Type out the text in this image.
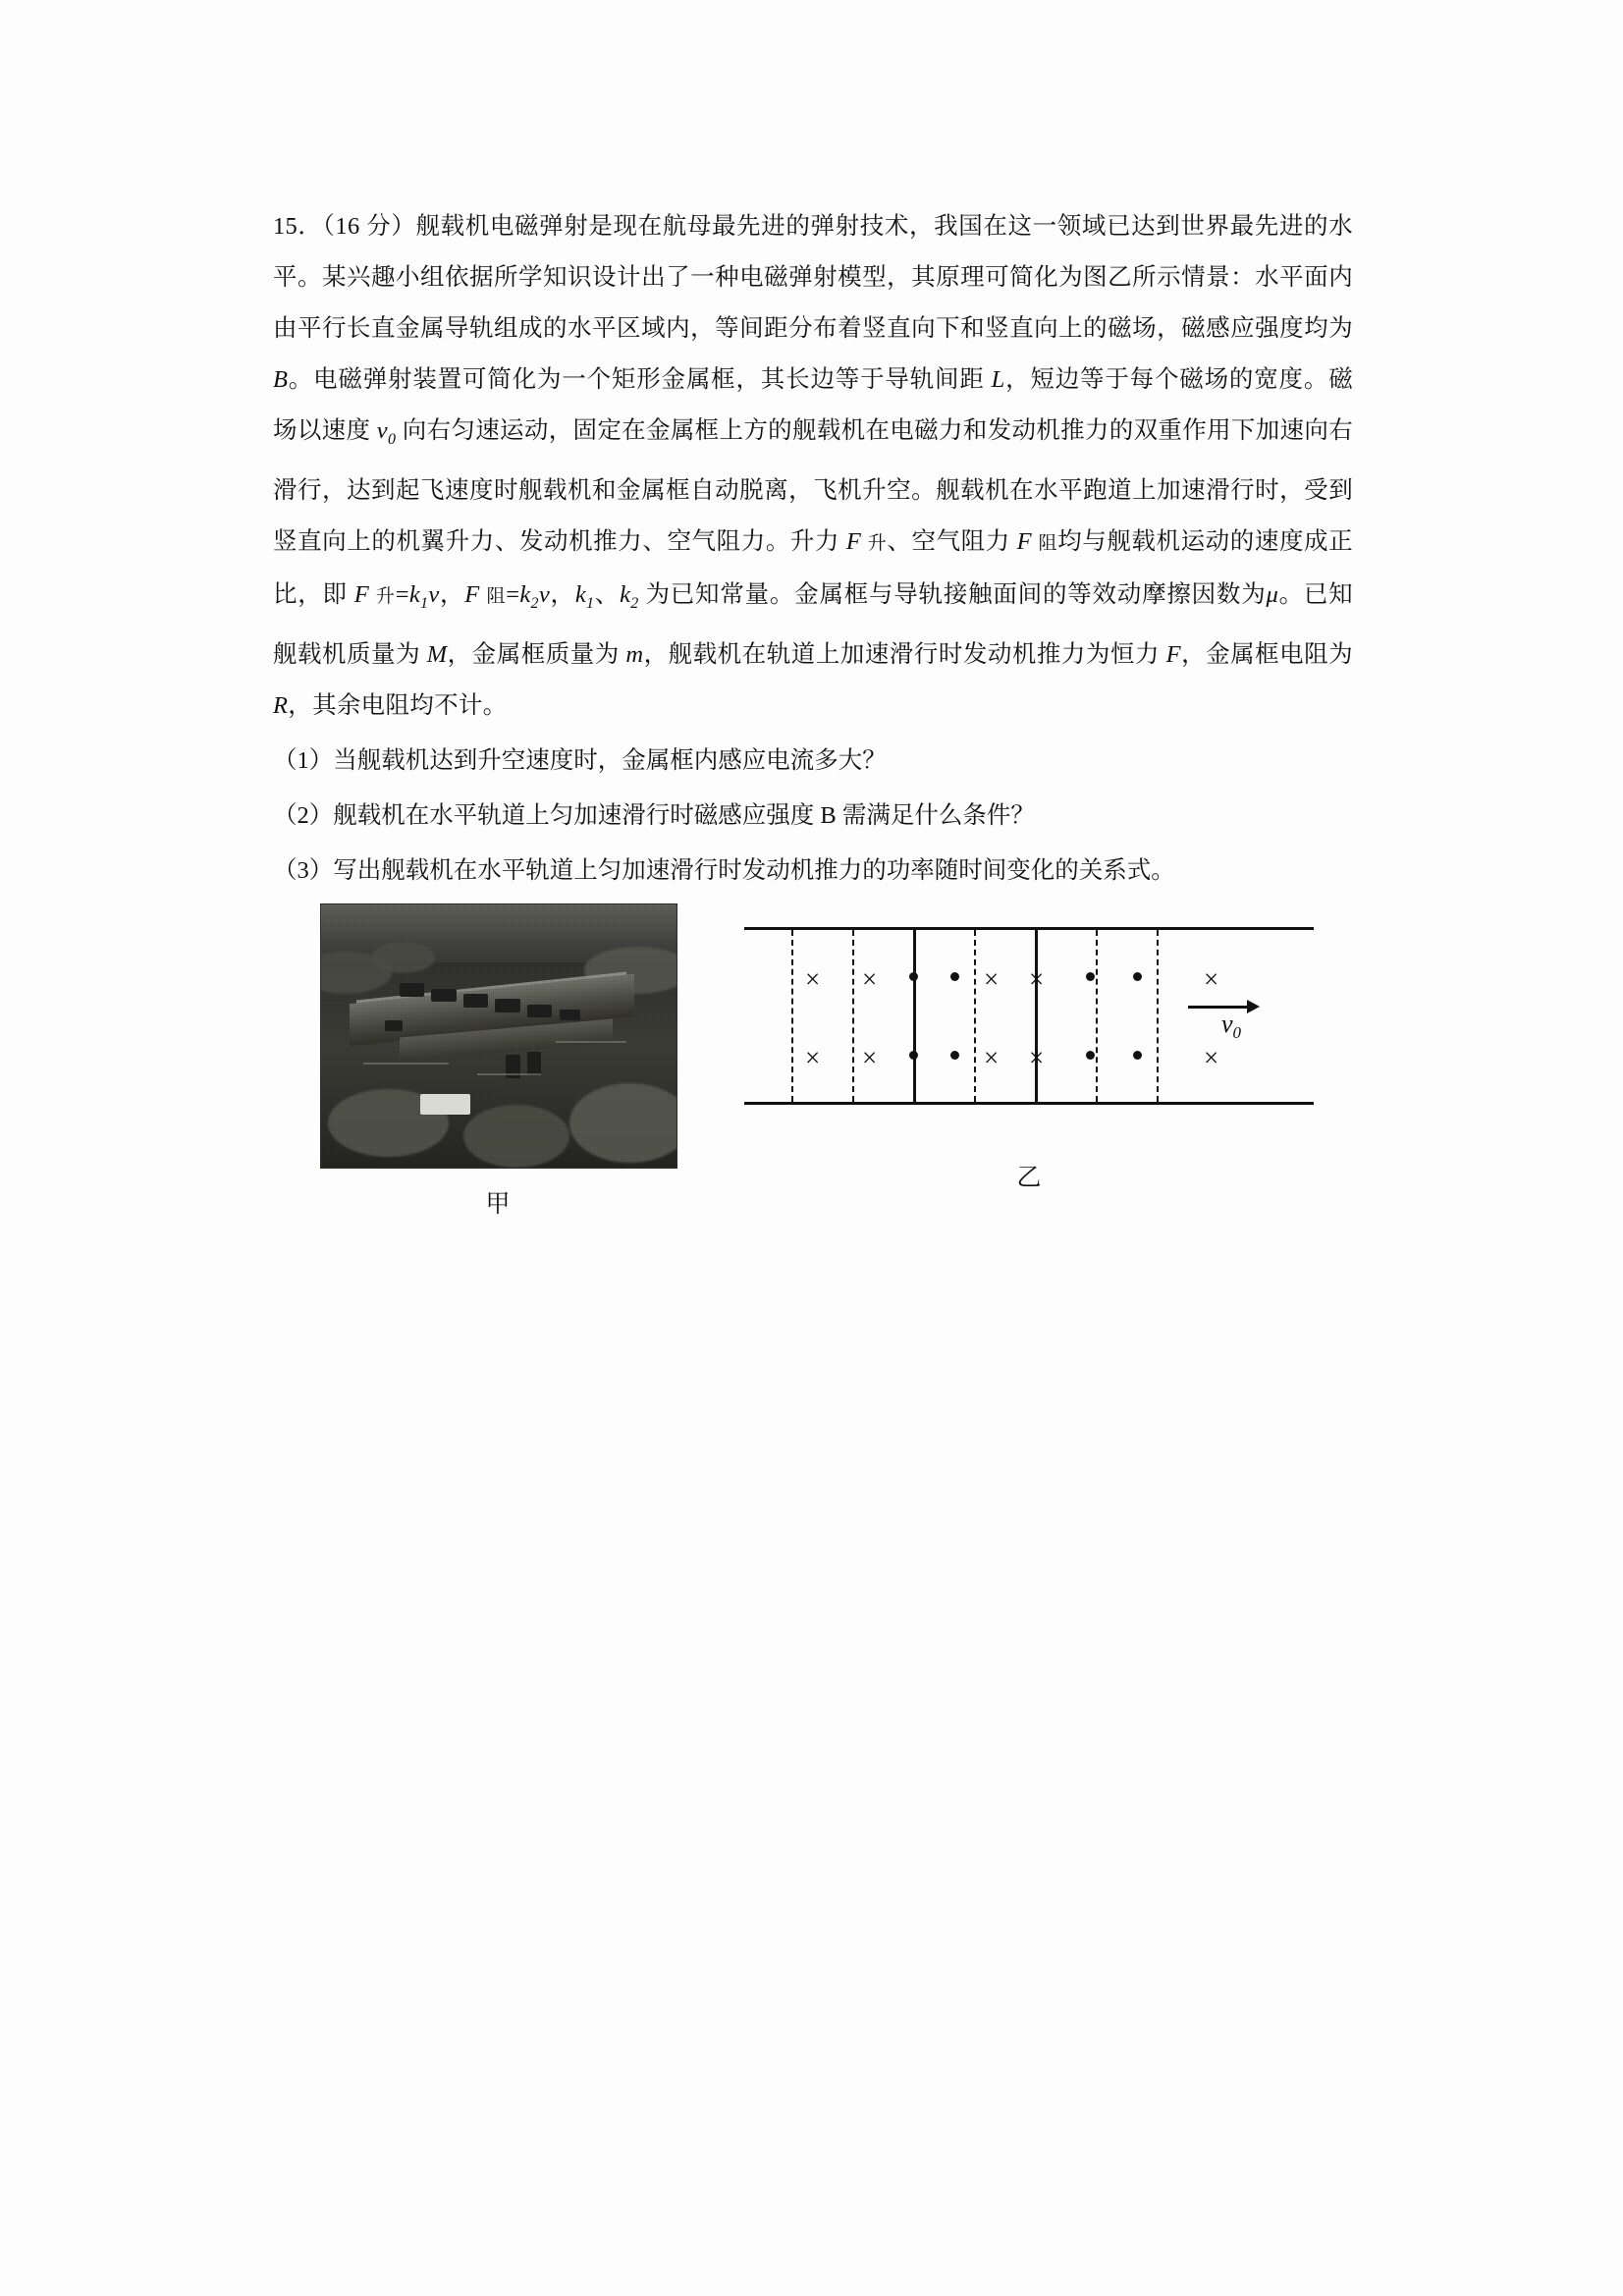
15．（16 分）舰载机电磁弹射是现在航母最先进的弹射技术，我国在这一领域已达到世界最先进的水平。某兴趣小组依据所学知识设计出了一种电磁弹射模型，其原理可简化为图乙所示情景：水平面内由平行长直金属导轨组成的水平区域内，等间距分布着竖直向下和竖直向上的磁场，磁感应强度均为 B。电磁弹射装置可简化为一个矩形金属框，其长边等于导轨间距 L，短边等于每个磁场的宽度。磁场以速度 $v_0$ 向右匀速运动，固定在金属框上方的舰载机在电磁力和发动机推力的双重作用下加速向右滑行，达到起飞速度时舰载机和金属框自动脱离，飞机升空。舰载机在水平跑道上加速滑行时，受到竖直向上的机翼升力、发动机推力、空气阻力。升力 F 升、空气阻力 F 阻均与舰载机运动的速度成正比，即 F 升$=k_1v$，F 阻$=k_2v$，$k_1$、$k_2$ 为已知常量。金属框与导轨接触面间的等效动摩擦因数为μ。已知舰载机质量为 M，金属框质量为 m，舰载机在轨道上加速滑行时发动机推力为恒力 F，金属框电阻为 R，其余电阻均不计。
（1）当舰载机达到升空速度时，金属框内感应电流多大？
（2）舰载机在水平轨道上匀加速滑行时磁感应强度 B 需满足什么条件？
（3）写出舰载机在水平轨道上匀加速滑行时发动机推力的功率随时间变化的关系式。
甲
× ×	× ×	×
× ×	× ×	×
$v_0$
乙
